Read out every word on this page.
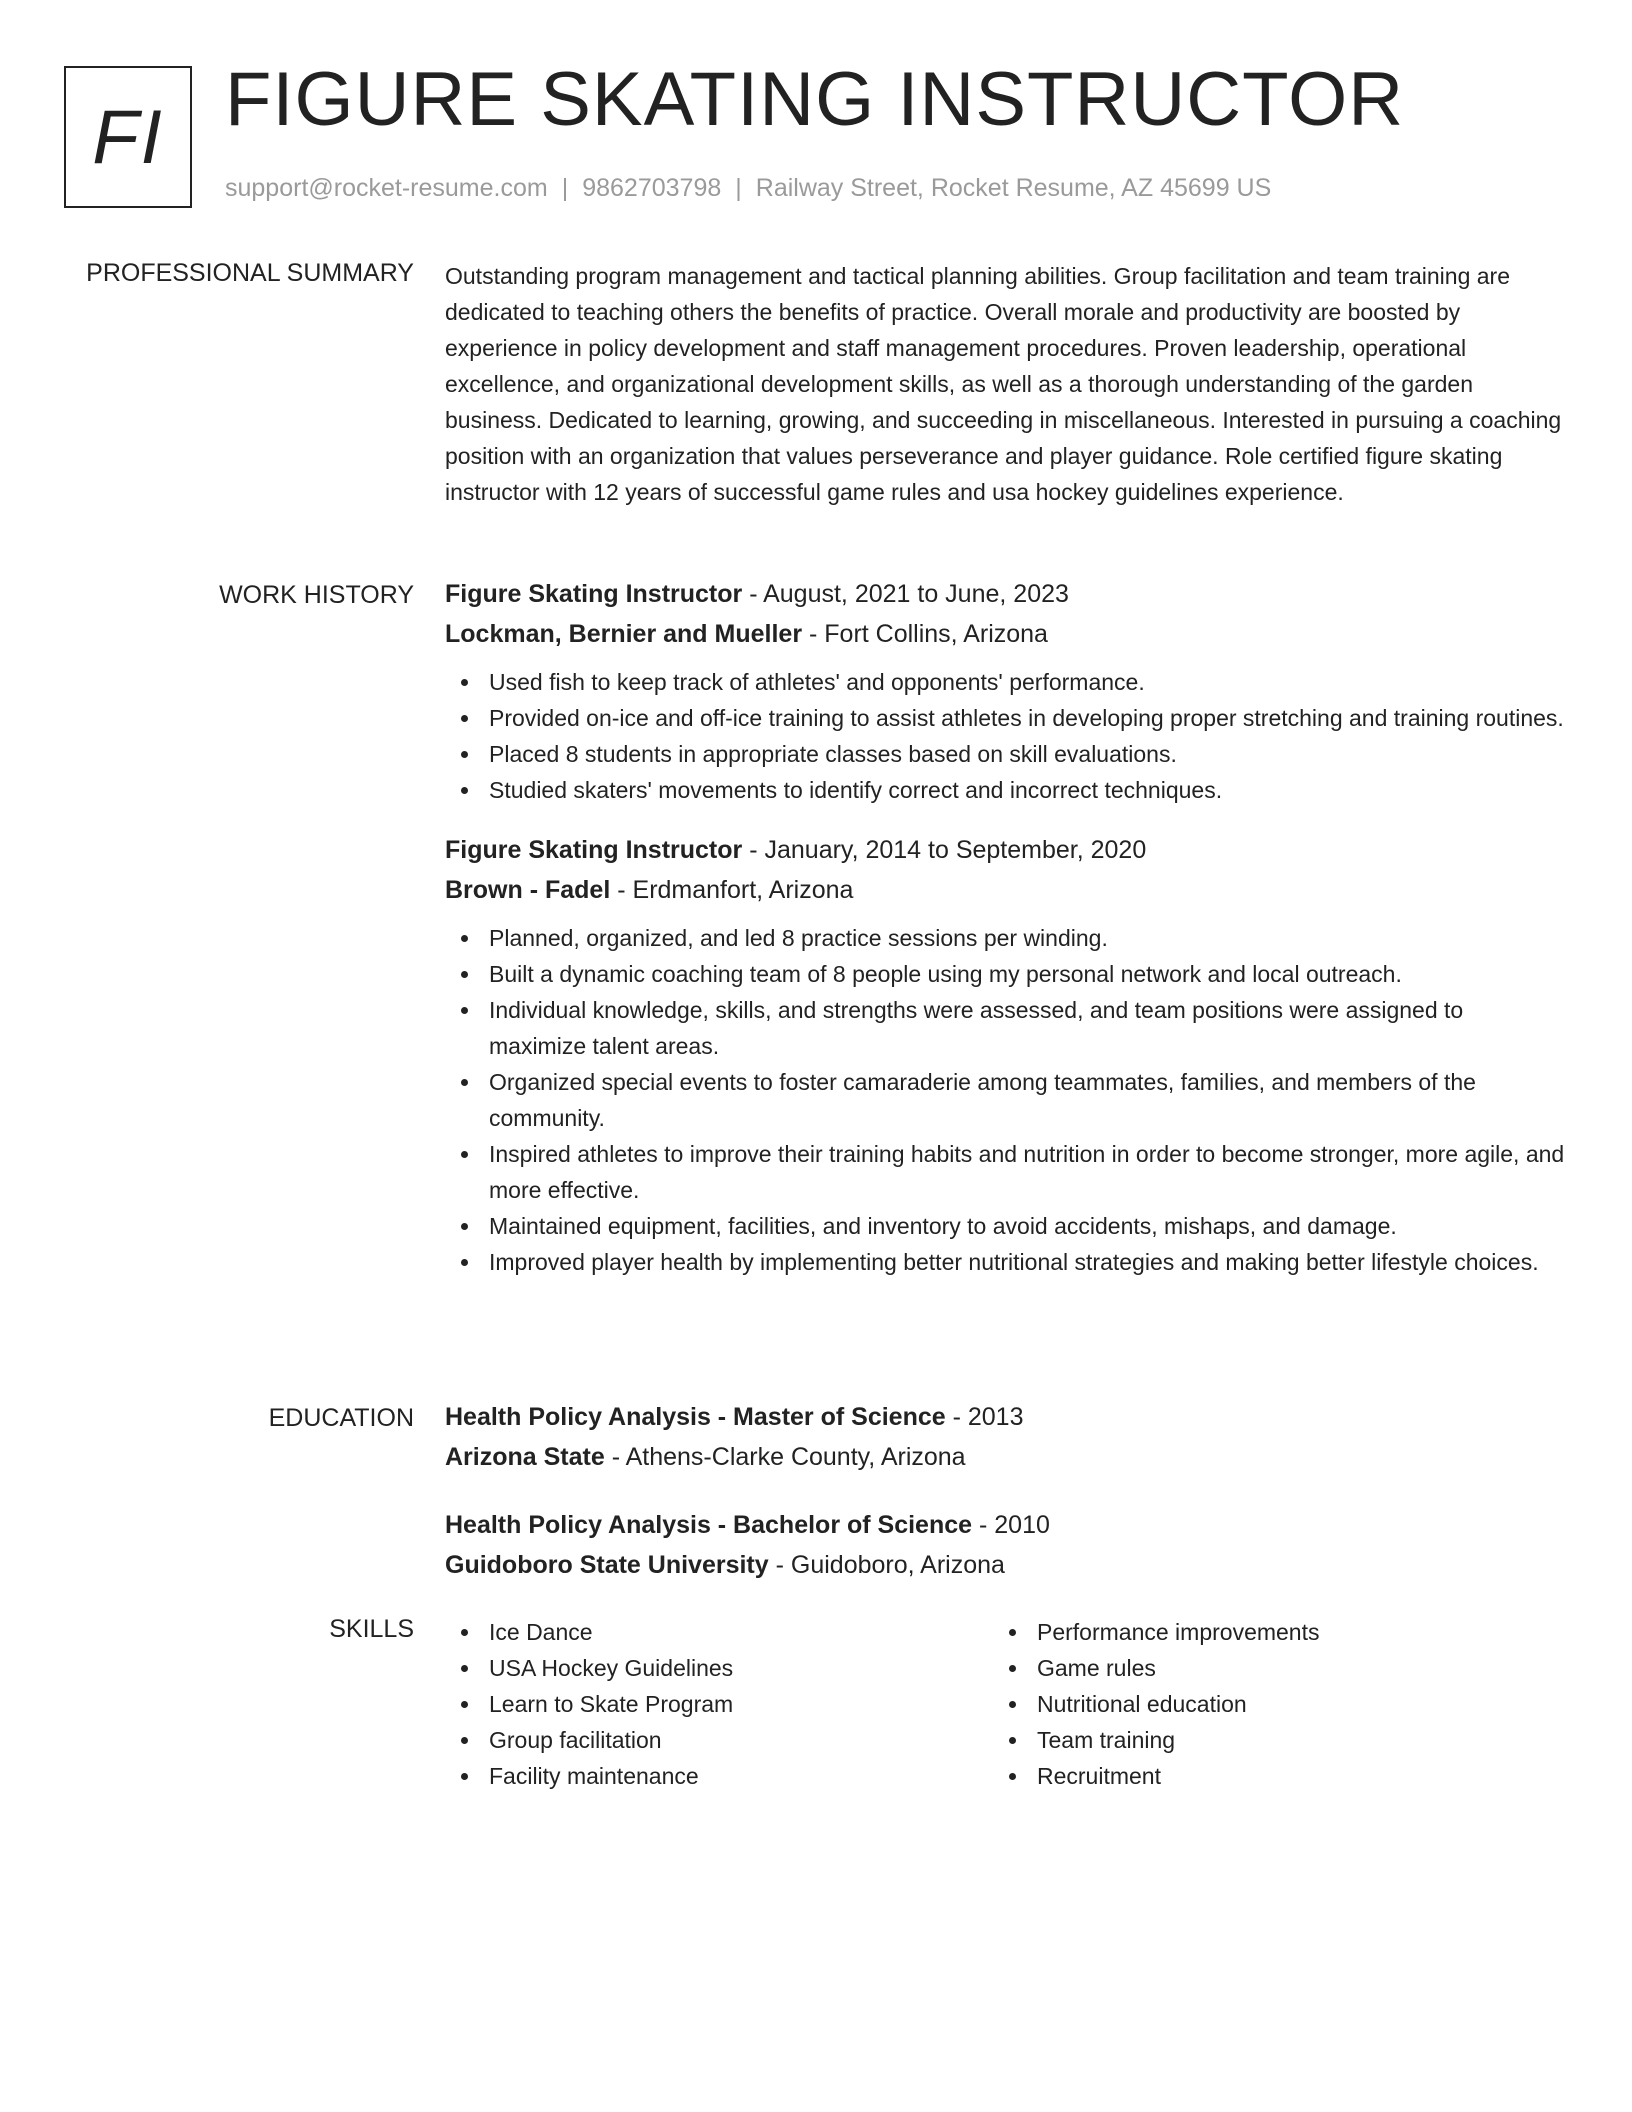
FI FIGURE SKATING INSTRUCTOR
support@rocket-resume.com | 9862703798 | Railway Street, Rocket Resume, AZ 45699 US
PROFESSIONAL SUMMARY Outstanding program management and tactical planning abilities. Group facilitation and team training are dedicated to teaching others the benefits of practice. Overall morale and productivity are boosted by experience in policy development and staff management procedures. Proven leadership, operational excellence, and organizational development skills, as well as a thorough understanding of the garden business. Dedicated to learning, growing, and succeeding in miscellaneous. Interested in pursuing a coaching position with an organization that values perseverance and player guidance. Role certified figure skating instructor with 12 years of successful game rules and usa hockey guidelines experience.

WORK HISTORY Figure Skating Instructor - August, 2021 to June, 2023
Lockman, Bernier and Mueller - Fort Collins, Arizona
Used fish to keep track of athletes' and opponents' performance.
Provided on-ice and off-ice training to assist athletes in developing proper stretching and training routines.
Placed 8 students in appropriate classes based on skill evaluations.
Studied skaters' movements to identify correct and incorrect techniques.
Figure Skating Instructor - January, 2014 to September, 2020
Brown - Fadel - Erdmanfort, Arizona
Planned, organized, and led 8 practice sessions per winding.
Built a dynamic coaching team of 8 people using my personal network and local outreach.
Individual knowledge, skills, and strengths were assessed, and team positions were assigned to maximize talent areas.
Organized special events to foster camaraderie among teammates, families, and members of the community.
Inspired athletes to improve their training habits and nutrition in order to become stronger, more agile, and more effective.
Maintained equipment, facilities, and inventory to avoid accidents, mishaps, and damage.
Improved player health by implementing better nutritional strategies and making better lifestyle choices.
EDUCATION Health Policy Analysis - Master of Science - 2013
Arizona State - Athens-Clarke County, Arizona
Health Policy Analysis - Bachelor of Science - 2010
Guidoboro State University - Guidoboro, Arizona
SKILLS	Ice Dance
USA Hockey Guidelines
Learn to Skate Program
Group facilitation
Facility maintenance
Performance improvements
Game rules
Nutritional education
Team training
Recruitment
